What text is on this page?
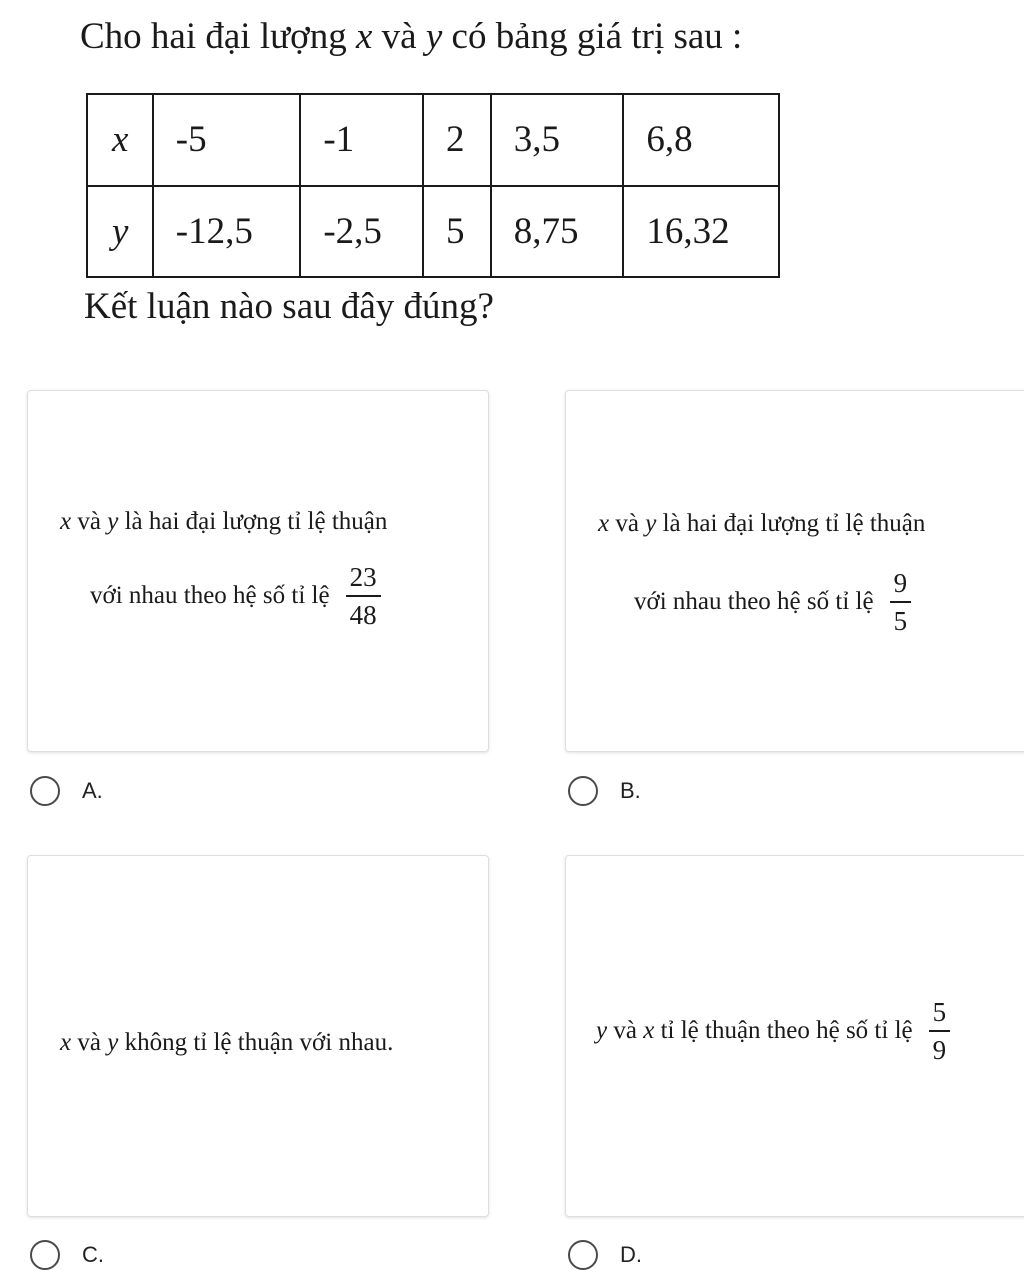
Cho hai đại lượng x và y có bảng giá trị sau :
x	-5	-1	2	3,5	6,8
y	-12,5	-2,5	5	8,75	16,32
Kết luận nào sau đây đúng?
x và y là hai đại lượng tỉ lệ thuận
với nhau theo hệ số tỉ lệ $\frac{23}{48}$
x và y là hai đại lượng tỉ lệ thuận
với nhau theo hệ số tỉ lệ $\frac{9}{5}$
A.	B.
x và y không tỉ lệ thuận với nhau.	y và x tỉ lệ thuận theo hệ số tỉ lệ $\frac{5}{9}$
C.	D.
